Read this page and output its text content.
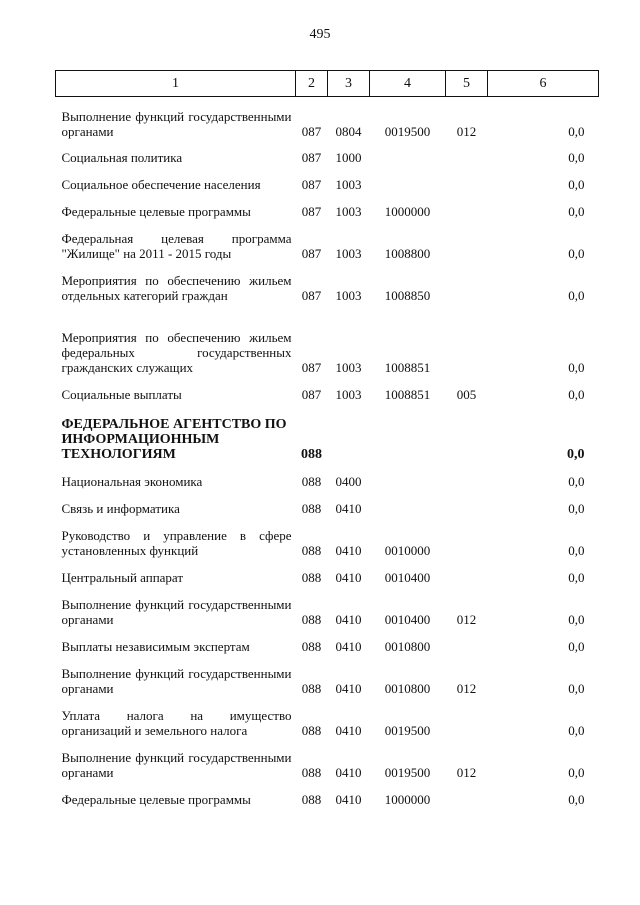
495
1	2	3	4	5	6
Выполнение функций государственными органами	087	0804	0019500	012	0,0
Социальная политика	087	1000			0,0
Социальное обеспечение населения	087	1003			0,0
Федеральные целевые программы	087	1003	1000000		0,0
Федеральная целевая программа "Жилище" на 2011 - 2015 годы	087	1003	1008800		0,0
Мероприятия по обеспечению жильем отдельных категорий граждан	087	1003	1008850		0,0
Мероприятия по обеспечению жильем федеральных государственных гражданских служащих	087	1003	1008851		0,0
Социальные выплаты	087	1003	1008851	005	0,0
ФЕДЕРАЛЬНОЕ АГЕНТСТВО ПО ИНФОРМАЦИОННЫМ ТЕХНОЛОГИЯМ	088				0,0
Национальная экономика	088	0400			0,0
Связь и информатика	088	0410			0,0
Руководство и управление в сфере установленных функций	088	0410	0010000		0,0
Центральный аппарат	088	0410	0010400		0,0
Выполнение функций государственными органами	088	0410	0010400	012	0,0
Выплаты независимым экспертам	088	0410	0010800		0,0
Выполнение функций государственными органами	088	0410	0010800	012	0,0
Уплата налога на имущество организаций и земельного налога	088	0410	0019500		0,0
Выполнение функций государственными органами	088	0410	0019500	012	0,0
Федеральные целевые программы	088	0410	1000000		0,0
